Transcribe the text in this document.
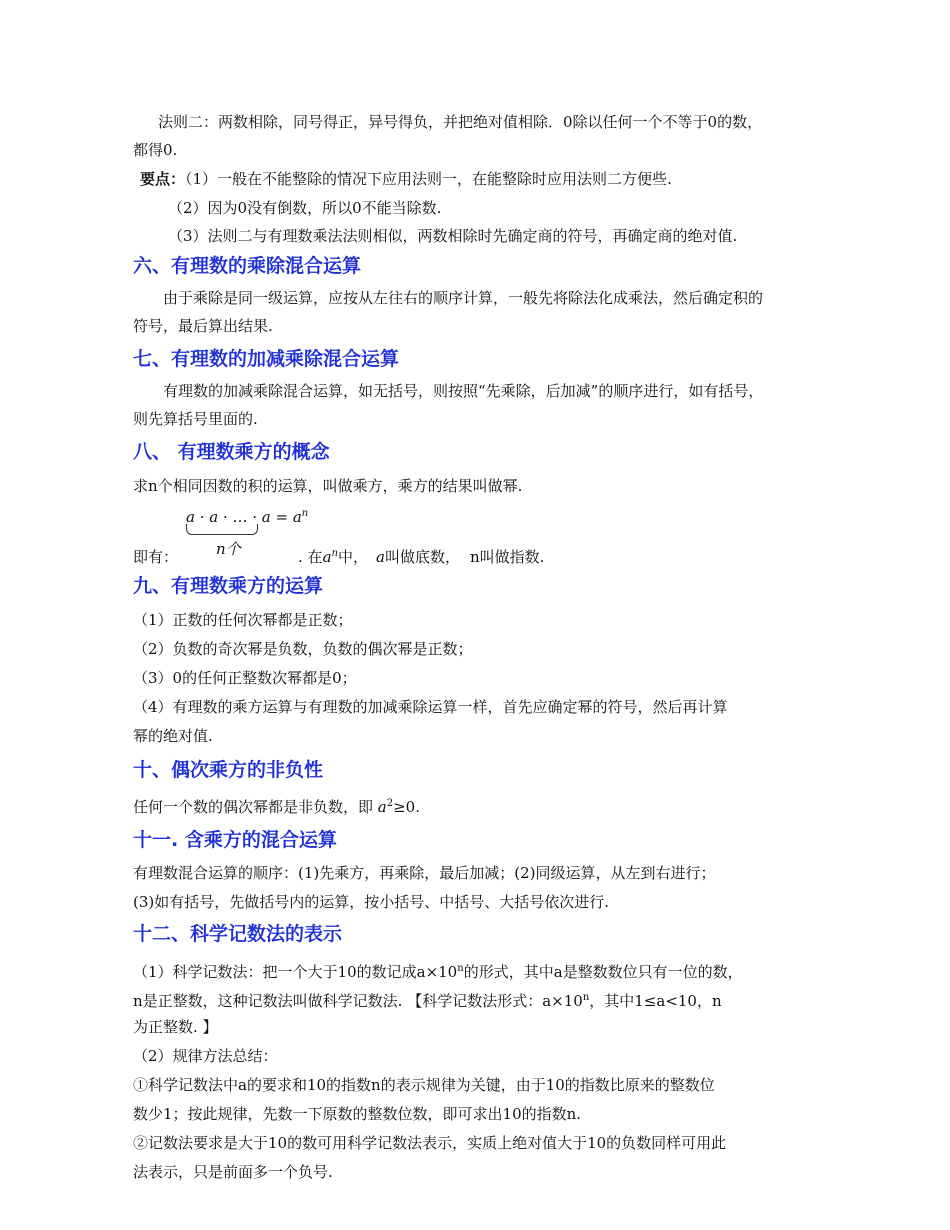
法则二：两数相除，同号得正，异号得负，并把绝对值相除．0除以任何一个不等于0的数，

都得0.

要点：（1）一般在不能整除的情况下应用法则一，在能整除时应用法则二方便些.

（2）因为0没有倒数，所以0不能当除数.

（3）法则二与有理数乘法法则相似，两数相除时先确定商的符号，再确定商的绝对值.

六、有理数的乘除混合运算

由于乘除是同一级运算，应按从左往右的顺序计算，一般先将除法化成乘法，然后确定积的

符号，最后算出结果.

七、有理数的加减乘除混合运算

有理数的加减乘除混合运算，如无括号，则按照“先乘除，后加减”的顺序进行，如有括号，

则先算括号里面的.

八、 有理数乘方的概念

求n个相同因数的积的运算，叫做乘方，乘方的结果叫做幂.

a · a · … · $a = a^n$
n个

即有：	. 在$a^n$中， a叫做底数， n叫做指数.

九、有理数乘方的运算

（1）正数的任何次幂都是正数；

（2）负数的奇次幂是负数，负数的偶次幂是正数；

（3）0的任何正整数次幂都是0；

（4）有理数的乘方运算与有理数的加减乘除运算一样，首先应确定幂的符号，然后再计算

幂的绝对值.

十、偶次乘方的非负性

任何一个数的偶次幂都是非负数，即 $a^2\ge 0$.

十一. 含乘方的混合运算

有理数混合运算的顺序：(1)先乘方，再乘除，最后加减；(2)同级运算，从左到右进行；

(3)如有括号，先做括号内的运算，按小括号、中括号、大括号依次进行.

十二、科学记数法的表示

（1）科学记数法：把一个大于10的数记成$a\times 10^n$的形式，其中a是整数数位只有一位的数，

n是正整数，这种记数法叫做科学记数法. 【科学记数法形式：$a\times 10^n$，其中1≤a<10，n

为正整数. 】

（2）规律方法总结：

①科学记数法中a的要求和10的指数n的表示规律为关键，由于10的指数比原来的整数位

数少1；按此规律，先数一下原数的整数位数，即可求出10的指数n.

②记数法要求是大于10的数可用科学记数法表示，实质上绝对值大于10的负数同样可用此

法表示，只是前面多一个负号.
